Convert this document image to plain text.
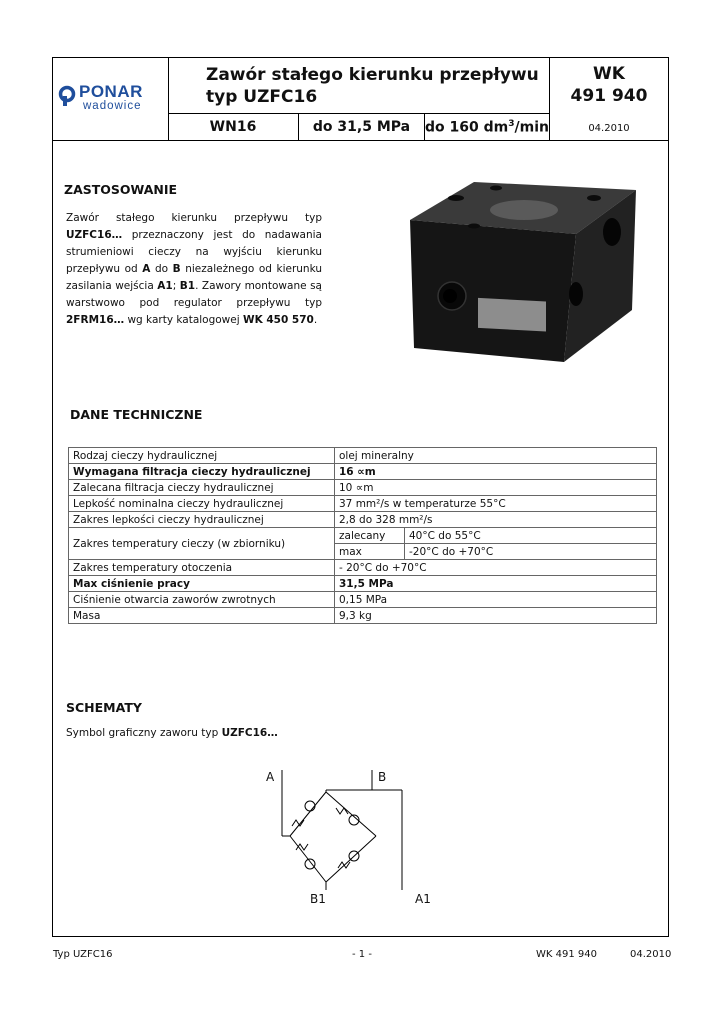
PONAR
wadowice
Zawór stałego kierunku przepływu
typ UZFC16
WN16	do 31,5 MPa do 160 $dm^3/\min$
WK
491 940
04.2010
ZASTOSOWANIE
Zawór stałego kierunku przepływu typ UZFC16… przeznaczony jest do nadawania strumieniowi cieczy na wyjściu kierunku przepływu od A do B niezależnego od kierunku zasilania wejścia A1; B1. Zawory montowane są warstwowo pod regulator przepływu typ 2FRM16… wg karty katalogowej WK 450 570.
DANE TECHNICZNE
Rodzaj cieczy hydraulicznej	olej mineralny	
Wymagana filtracja cieczy hydraulicznej	16 ∝m	
Zalecana filtracja cieczy hydraulicznej	10 ∝m	
Lepkość nominalna cieczy hydraulicznej	37 mm²/s w temperaturze 55°C	
Zakres lepkości cieczy hydraulicznej	2,8 do 328 mm²/s	
Zakres temperatury cieczy (w zbiorniku)	zalecany	40°C do 55°C
	max	-20°C do +70°C
Zakres temperatury otoczenia	- 20°C do +70°C	
Max ciśnienie pracy	31,5 MPa	
Ciśnienie otwarcia zaworów zwrotnych	0,15 MPa	
Masa	9,3 kg	
SCHEMATY
Symbol graficzny zaworu typ UZFC16…
A	B
B1	A1
Typ UZFC16	- 1 -	WK 491 940	04.2010
